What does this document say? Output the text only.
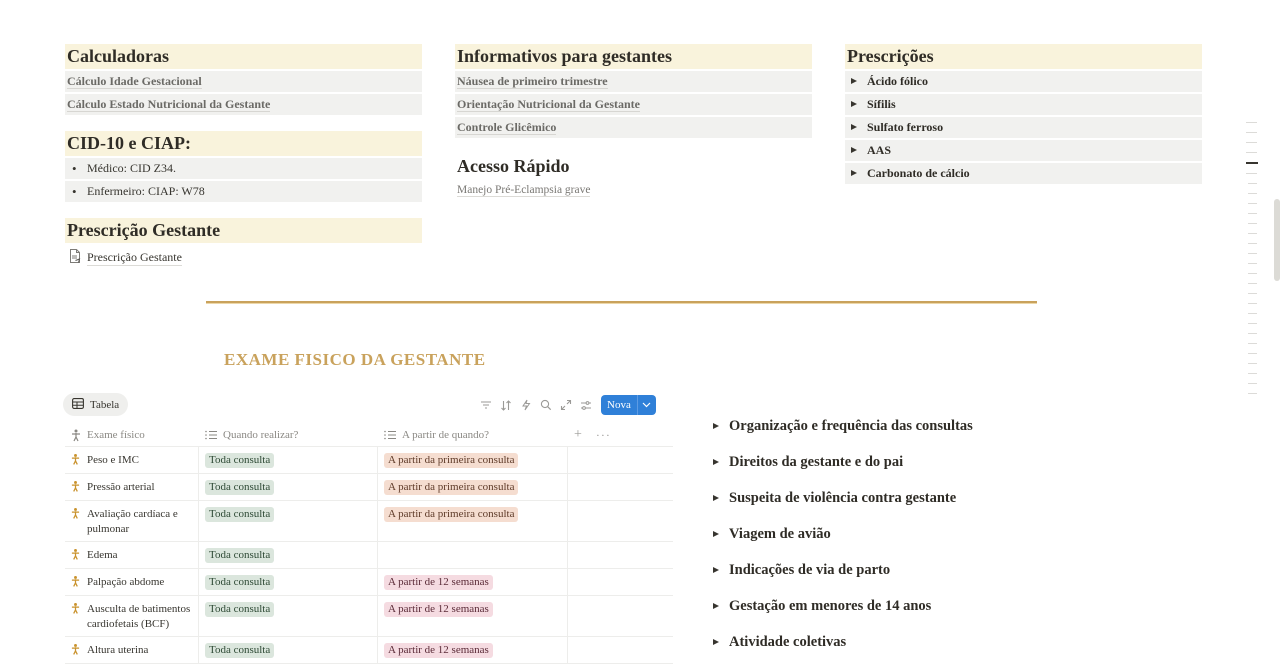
Calculadoras
Cálculo Idade Gestacional
Cálculo Estado Nutricional da Gestante
CID-10 e CIAP:
• Médico: CID Z34.
• Enfermeiro: CIAP: W78
Prescrição Gestante
Prescrição Gestante
Informativos para gestantes
Náusea de primeiro trimestre
Orientação Nutricional da Gestante
Controle Glicêmico
Acesso Rápido
Manejo Pré-Eclampsia grave
Prescrições
Ácido fólico
Sífilis
Sulfato ferroso
AAS
Carbonato de cálcio
EXAME FISICO DA GESTANTE
Tabela	Nova
Exame físico	Quando realizar?	A partir de quando?	+ ···
Peso e IMC	Toda consulta	A partir da primeira consulta
Pressão arterial	Toda consulta	A partir da primeira consulta
Avaliação cardíaca e pulmonar
Toda consulta	A partir da primeira consulta
Edema	Toda consulta
Palpação abdome	Toda consulta	A partir de 12 semanas
Ausculta de batimentos cardiofetais (BCF)
Toda consulta	A partir de 12 semanas
Altura uterina	Toda consulta	A partir de 12 semanas
Organização e frequência das consultas
Direitos da gestante e do pai
Suspeita de violência contra gestante
Viagem de avião
Indicações de via de parto
Gestação em menores de 14 anos
Atividade coletivas
